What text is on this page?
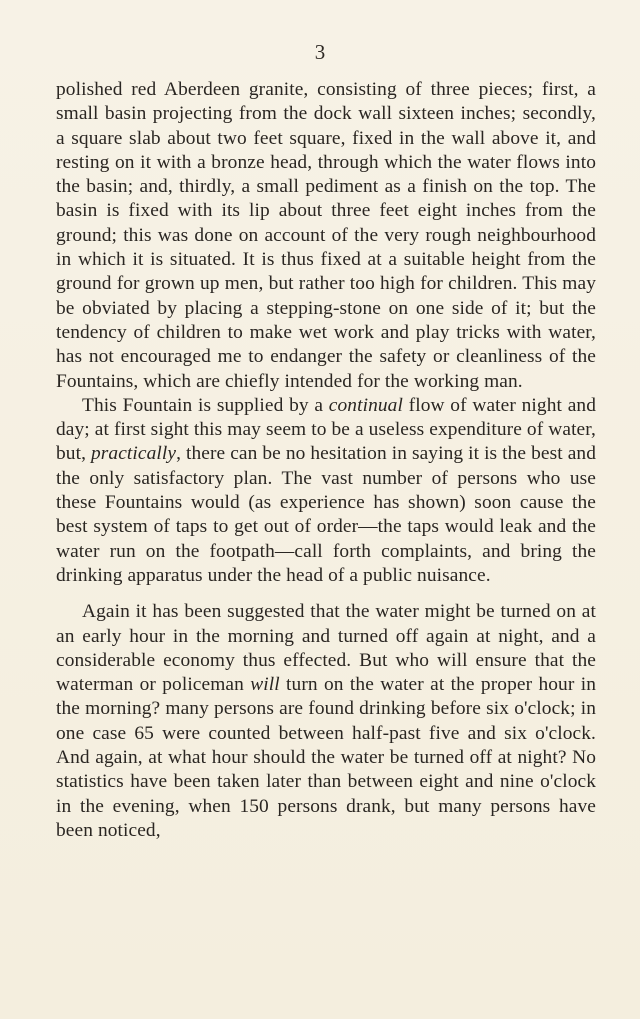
3

polished red Aberdeen granite, consisting of three pieces; first, a small basin projecting from the dock wall sixteen inches; secondly, a square slab about two feet square, fixed in the wall above it, and resting on it with a bronze head, through which the water flows into the basin; and, thirdly, a small pediment as a finish on the top. The basin is fixed with its lip about three feet eight inches from the ground; this was done on account of the very rough neighbourhood in which it is situated. It is thus fixed at a suitable height from the ground for grown up men, but rather too high for children. This may be obviated by placing a stepping-stone on one side of it; but the tendency of children to make wet work and play tricks with water, has not encouraged me to endanger the safety or cleanliness of the Fountains, which are chiefly intended for the working man.

This Fountain is supplied by a continual flow of water night and day; at first sight this may seem to be a useless expenditure of water, but, practically, there can be no hesitation in saying it is the best and the only satisfactory plan. The vast number of persons who use these Fountains would (as experience has shown) soon cause the best system of taps to get out of order—the taps would leak and the water run on the footpath—call forth complaints, and bring the drinking apparatus under the head of a public nuisance.

Again it has been suggested that the water might be turned on at an early hour in the morning and turned off again at night, and a considerable economy thus effected. But who will ensure that the waterman or policeman will turn on the water at the proper hour in the morning? many persons are found drinking before six o'clock; in one case 65 were counted between half-past five and six o'clock. And again, at what hour should the water be turned off at night? No statistics have been taken later than between eight and nine o'clock in the evening, when 150 persons drank, but many persons have been noticed,
